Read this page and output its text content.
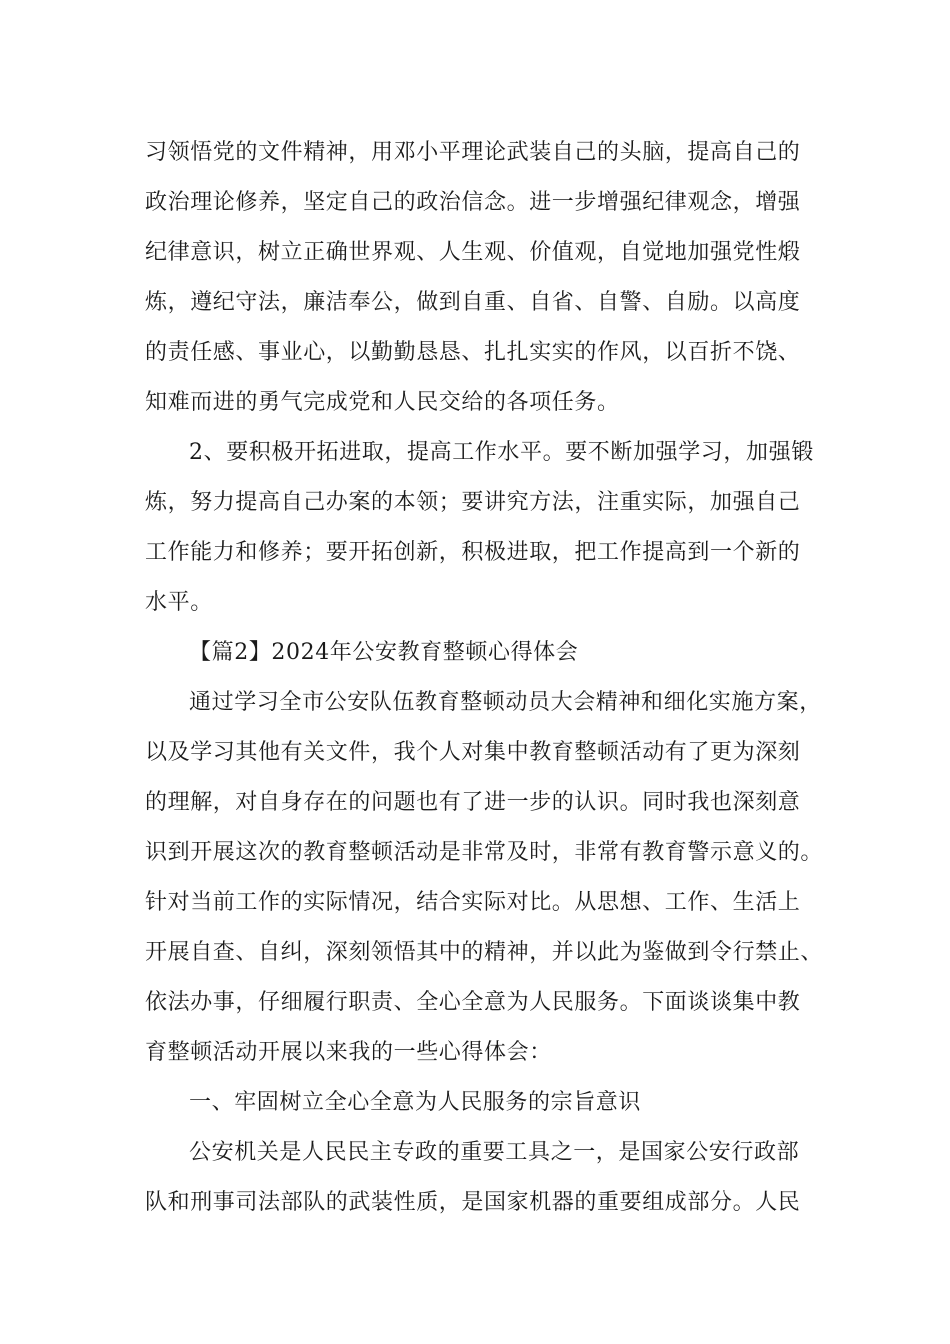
习领悟党的文件精神，用邓小平理论武装自己的头脑，提高自己的
政治理论修养，坚定自己的政治信念。进一步增强纪律观念，增强
纪律意识，树立正确世界观、人生观、价值观，自觉地加强党性煅
炼，遵纪守法，廉洁奉公，做到自重、自省、自警、自励。以高度
的责任感、事业心，以勤勤恳恳、扎扎实实的作风，以百折不饶、
知难而进的勇气完成党和人民交给的各项任务。
2、要积极开拓进取，提高工作水平。要不断加强学习，加强锻
炼，努力提高自己办案的本领；要讲究方法，注重实际，加强自己
工作能力和修养；要开拓创新，积极进取，把工作提高到一个新的
水平。
【篇2】2024年公安教育整顿心得体会
通过学习全市公安队伍教育整顿动员大会精神和细化实施方案，
以及学习其他有关文件，我个人对集中教育整顿活动有了更为深刻
的理解，对自身存在的问题也有了进一步的认识。同时我也深刻意
识到开展这次的教育整顿活动是非常及时，非常有教育警示意义的。
针对当前工作的实际情况，结合实际对比。从思想、工作、生活上
开展自查、自纠，深刻领悟其中的精神，并以此为鉴做到令行禁止、
依法办事，仔细履行职责、全心全意为人民服务。下面谈谈集中教
育整顿活动开展以来我的一些心得体会：
一、牢固树立全心全意为人民服务的宗旨意识
公安机关是人民民主专政的重要工具之一，是国家公安行政部
队和刑事司法部队的武装性质，是国家机器的重要组成部分。人民
